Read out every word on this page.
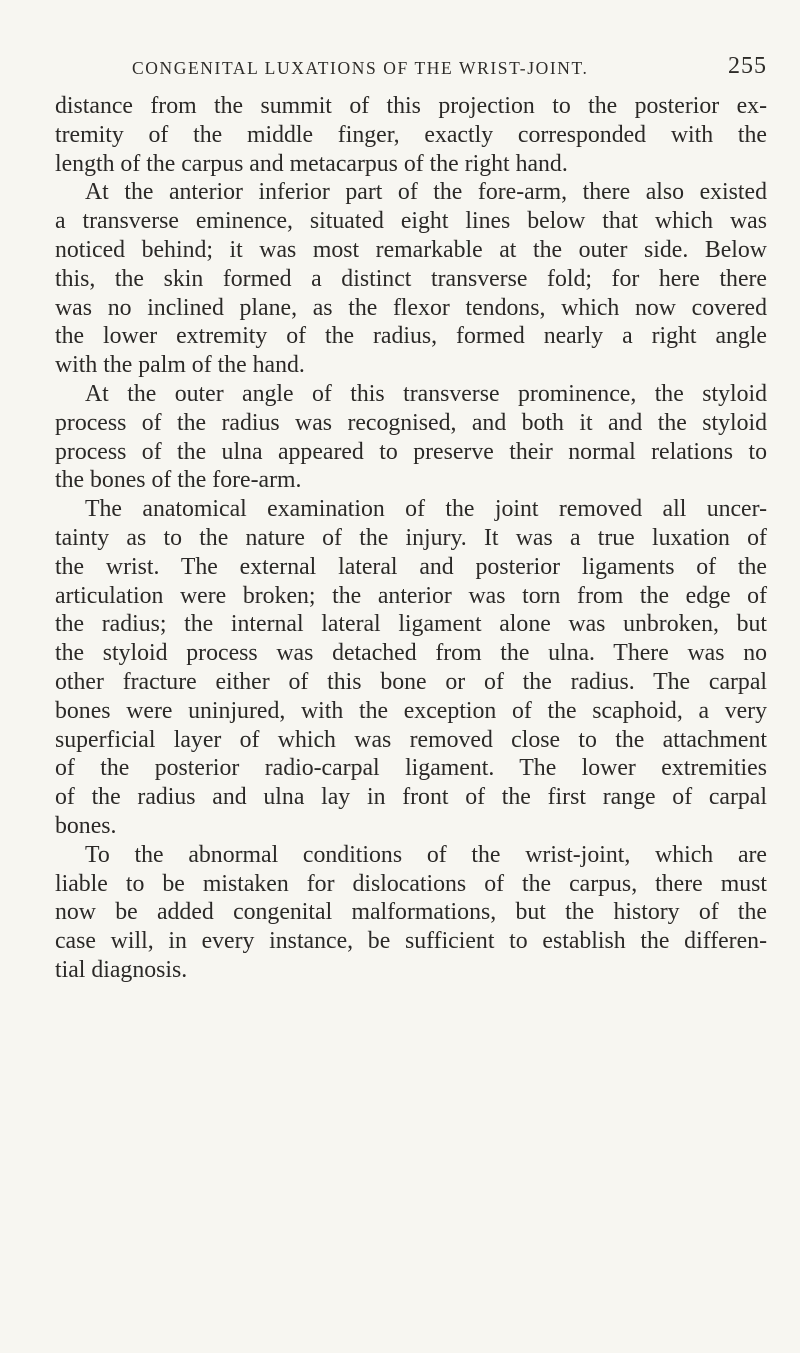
CONGENITAL LUXATIONS OF THE WRIST-JOINT.	255
distance from the summit of this projection to the posterior ex-
tremity of the middle finger, exactly corresponded with the
length of the carpus and metacarpus of the right hand.
At the anterior inferior part of the fore-arm, there also existed
a transverse eminence, situated eight lines below that which was
noticed behind; it was most remarkable at the outer side. Below
this, the skin formed a distinct transverse fold; for here there
was no inclined plane, as the flexor tendons, which now covered
the lower extremity of the radius, formed nearly a right angle
with the palm of the hand.
At the outer angle of this transverse prominence, the styloid
process of the radius was recognised, and both it and the styloid
process of the ulna appeared to preserve their normal relations to
the bones of the fore-arm.
The anatomical examination of the joint removed all uncer-
tainty as to the nature of the injury. It was a true luxation of
the wrist. The external lateral and posterior ligaments of the
articulation were broken; the anterior was torn from the edge of
the radius; the internal lateral ligament alone was unbroken, but
the styloid process was detached from the ulna. There was no
other fracture either of this bone or of the radius. The carpal
bones were uninjured, with the exception of the scaphoid, a very
superficial layer of which was removed close to the attachment
of the posterior radio-carpal ligament. The lower extremities
of the radius and ulna lay in front of the first range of carpal
bones.
To the abnormal conditions of the wrist-joint, which are
liable to be mistaken for dislocations of the carpus, there must
now be added congenital malformations, but the history of the
case will, in every instance, be sufficient to establish the differen-
tial diagnosis.
